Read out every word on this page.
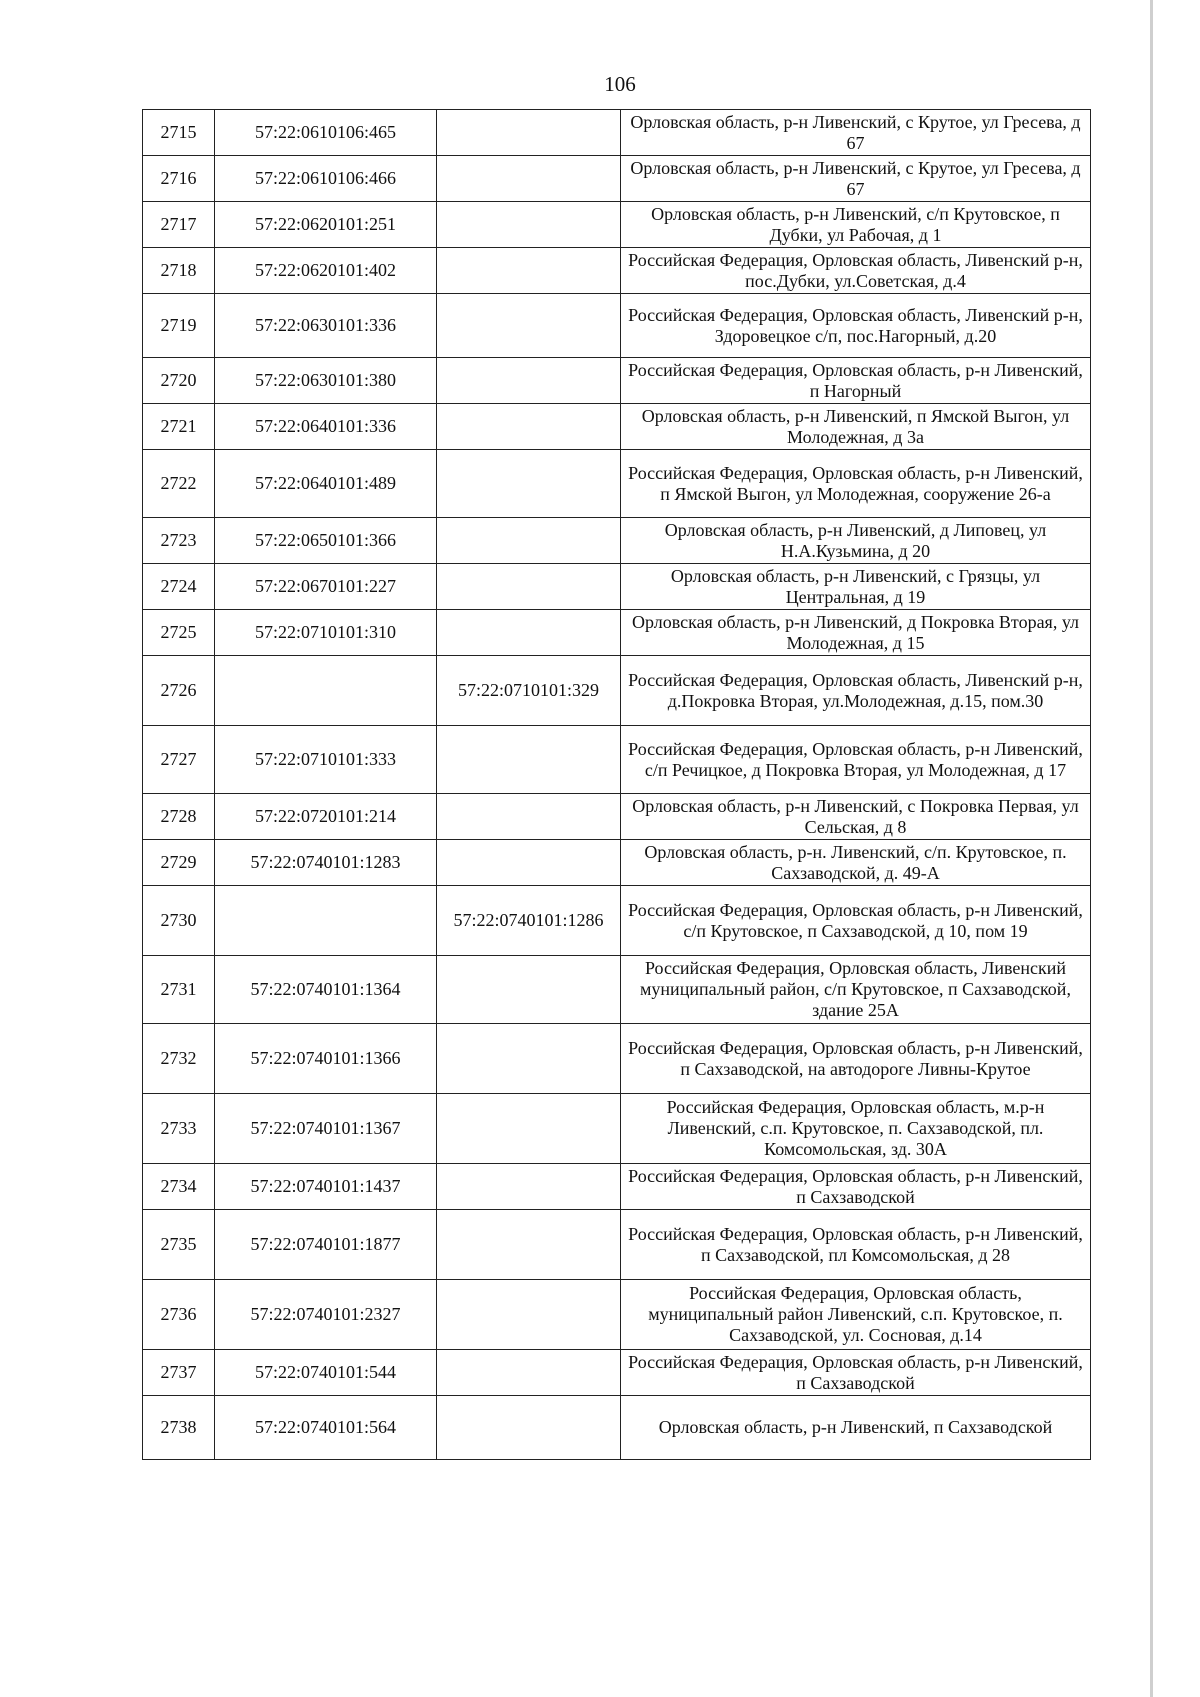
106
2715	57:22:0610106:465		Орловская область, р-н Ливенский, с Крутое, ул Гресева, д 67
2716	57:22:0610106:466		Орловская область, р-н Ливенский, с Крутое, ул Гресева, д 67
2717	57:22:0620101:251		Орловская область, р-н Ливенский, с/п Крутовское, п Дубки, ул Рабочая, д 1
2718	57:22:0620101:402		Российская Федерация, Орловская область, Ливенский р-н, пос.Дубки, ул.Советская, д.4
2719	57:22:0630101:336		Российская Федерация, Орловская область, Ливенский р-н, Здоровецкое с/п, пос.Нагорный, д.20
2720	57:22:0630101:380		Российская Федерация, Орловская область, р-н Ливенский, п Нагорный
2721	57:22:0640101:336		Орловская область, р-н Ливенский, п Ямской Выгон, ул Молодежная, д 3а
2722	57:22:0640101:489		Российская Федерация, Орловская область, р-н Ливенский, п Ямской Выгон, ул Молодежная, сооружение 26-а
2723	57:22:0650101:366		Орловская область, р-н Ливенский, д Липовец, ул Н.А.Кузьмина, д 20
2724	57:22:0670101:227		Орловская область, р-н Ливенский, с Грязцы, ул Центральная, д 19
2725	57:22:0710101:310		Орловская область, р-н Ливенский, д Покровка Вторая, ул Молодежная, д 15
2726		57:22:0710101:329	Российская Федерация, Орловская область, Ливенский р-н, д.Покровка Вторая, ул.Молодежная, д.15, пом.30
2727	57:22:0710101:333		Российская Федерация, Орловская область, р-н Ливенский, с/п Речицкое, д Покровка Вторая, ул Молодежная, д 17
2728	57:22:0720101:214		Орловская область, р-н Ливенский, с Покровка Первая, ул Сельская, д 8
2729	57:22:0740101:1283		Орловская область, р-н. Ливенский, с/п. Крутовское, п. Сахзаводской, д. 49-А
2730		57:22:0740101:1286	Российская Федерация, Орловская область, р-н Ливенский, с/п Крутовское, п Сахзаводской, д 10, пом 19
2731	57:22:0740101:1364		Российская Федерация, Орловская область, Ливенский муниципальный район, с/п Крутовское, п Сахзаводской, здание 25А
2732	57:22:0740101:1366		Российская Федерация, Орловская область, р-н Ливенский, п Сахзаводской, на автодороге Ливны-Крутое
2733	57:22:0740101:1367		Российская Федерация, Орловская область, м.р-н Ливенский, с.п. Крутовское, п. Сахзаводской, пл. Комсомольская, зд. 30А
2734	57:22:0740101:1437		Российская Федерация, Орловская область, р-н Ливенский, п Сахзаводской
2735	57:22:0740101:1877		Российская Федерация, Орловская область, р-н Ливенский, п Сахзаводской, пл Комсомольская, д 28
2736	57:22:0740101:2327		Российская Федерация, Орловская область, муниципальный район Ливенский, с.п. Крутовское, п. Сахзаводской, ул. Сосновая, д.14
2737	57:22:0740101:544		Российская Федерация, Орловская область, р-н Ливенский, п Сахзаводской
2738	57:22:0740101:564		Орловская область, р-н Ливенский, п Сахзаводской
